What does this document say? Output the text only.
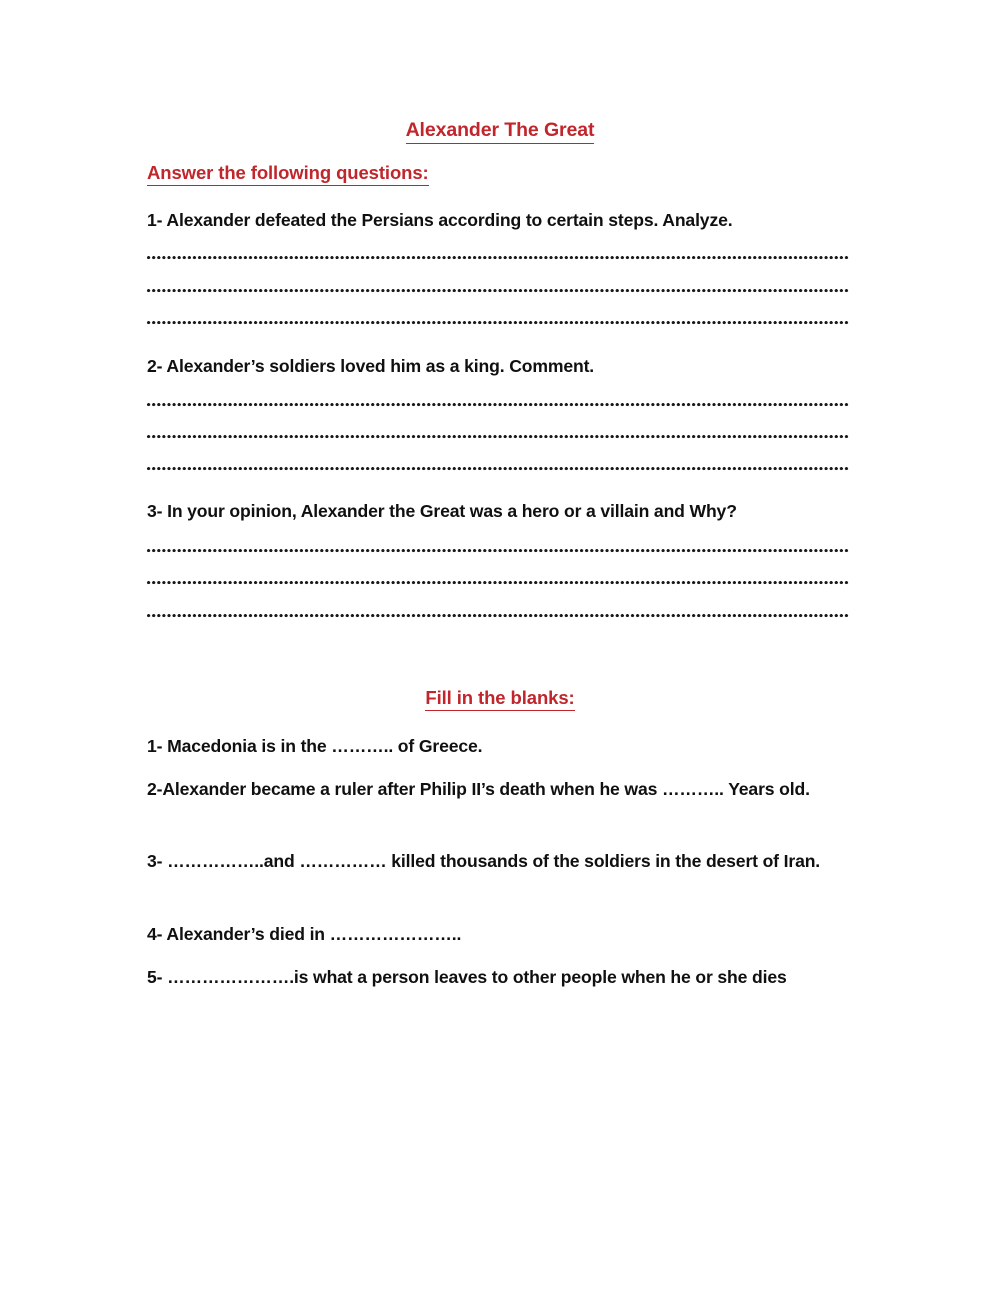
Alexander The Great
Answer the following questions:
1- Alexander defeated the Persians according to certain steps. Analyze.
2- Alexander’s soldiers loved him as a king. Comment.
3- In your opinion, Alexander the Great was a hero or a villain and Why?
Fill in the blanks:
1- Macedonia is in the ……….. of Greece.
2-Alexander became a ruler after Philip II’s death when he was ……….. Years old.
3- ……………..and …………… killed thousands of the soldiers in the desert of Iran.
4- Alexander’s died in …………………..
5- ………………….is what a person leaves to other people when he or she dies
